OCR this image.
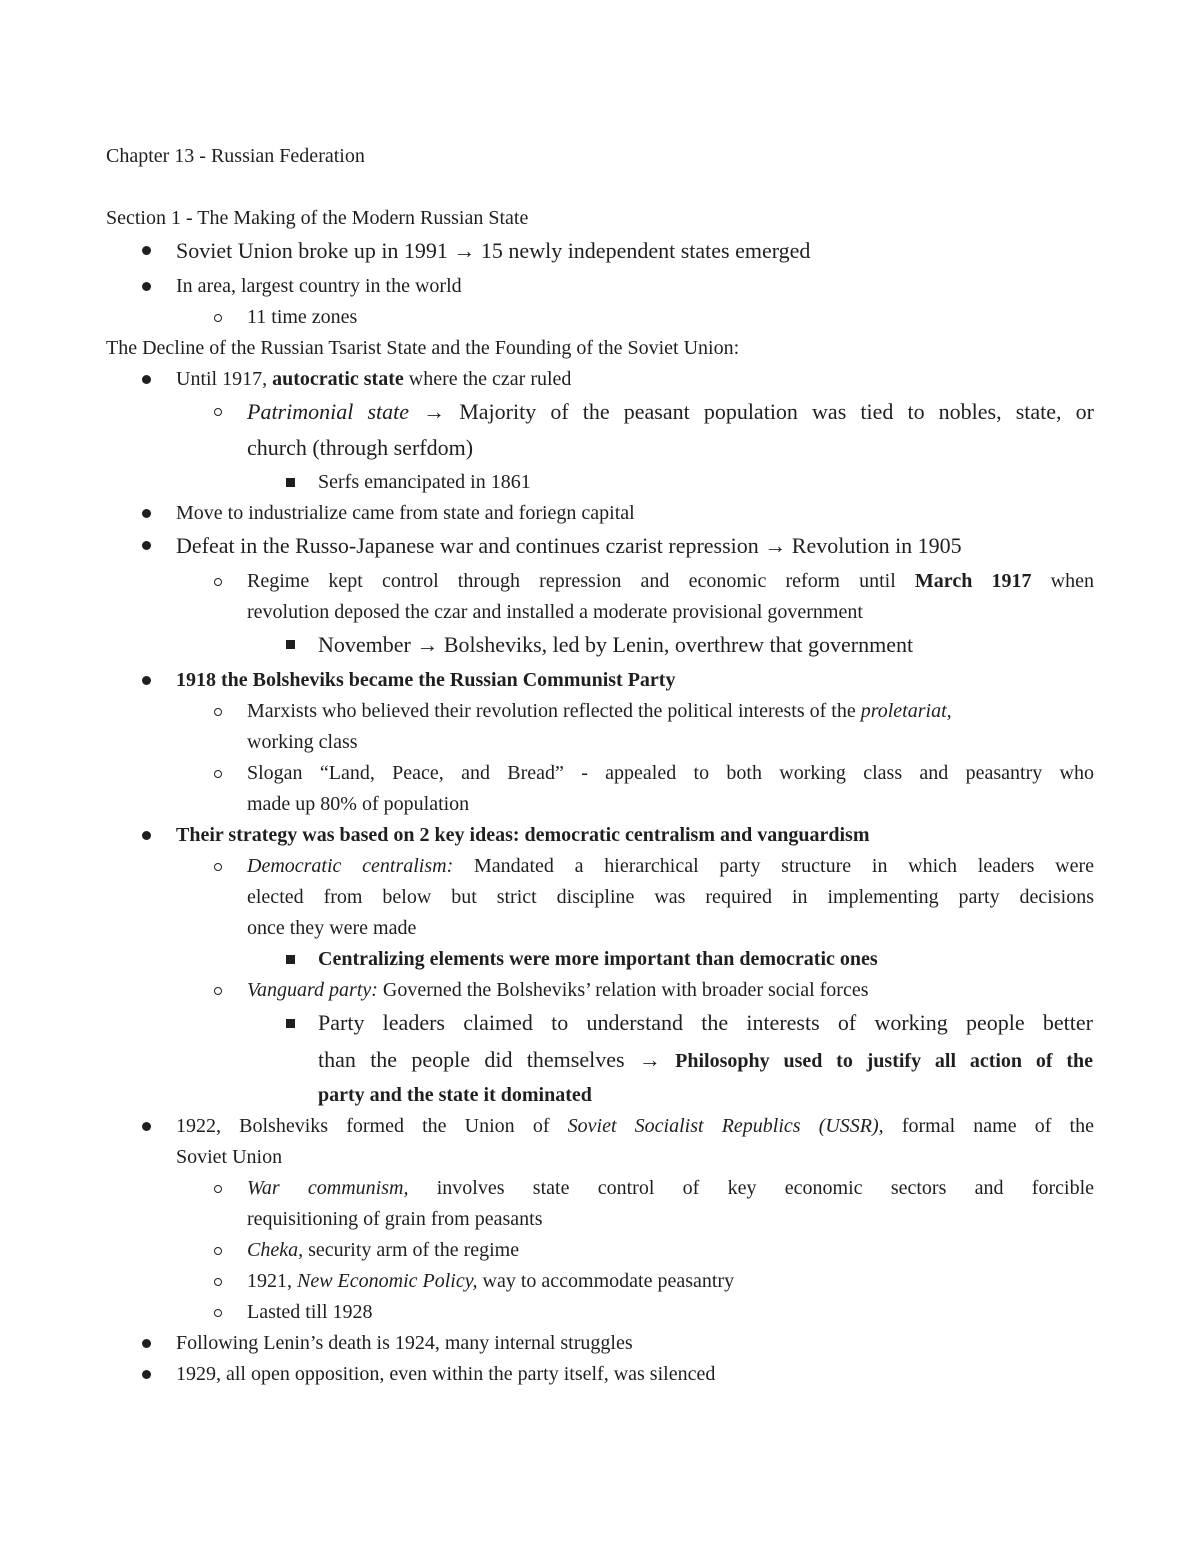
Chapter 13 - Russian Federation
Section 1 - The Making of the Modern Russian State
Soviet Union broke up in 1991 → 15 newly independent states emerged
In area, largest country in the world
11 time zones
The Decline of the Russian Tsarist State and the Founding of the Soviet Union:
Until 1917, autocratic state where the czar ruled
Patrimonial state → Majority of the peasant population was tied to nobles, state, or
church (through serfdom)
Serfs emancipated in 1861
Move to industrialize came from state and foriegn capital
Defeat in the Russo-Japanese war and continues czarist repression → Revolution in 1905
Regime kept control through repression and economic reform until March 1917 when
revolution deposed the czar and installed a moderate provisional government
November → Bolsheviks, led by Lenin, overthrew that government
1918 the Bolsheviks became the Russian Communist Party
Marxists who believed their revolution reflected the political interests of the proletariat,
working class
Slogan “Land, Peace, and Bread” - appealed to both working class and peasantry who
made up 80% of population
Their strategy was based on 2 key ideas: democratic centralism and vanguardism
Democratic centralism: Mandated a hierarchical party structure in which leaders were
elected from below but strict discipline was required in implementing party decisions
once they were made
Centralizing elements were more important than democratic ones
Vanguard party: Governed the Bolsheviks’ relation with broader social forces
Party leaders claimed to understand the interests of working people better
than the people did themselves → Philosophy used to justify all action of the
party and the state it dominated
1922, Bolsheviks formed the Union of Soviet Socialist Republics (USSR), formal name of the
Soviet Union
War communism, involves state control of key economic sectors and forcible
requisitioning of grain from peasants
Cheka, security arm of the regime
1921, New Economic Policy, way to accommodate peasantry
Lasted till 1928
Following Lenin’s death is 1924, many internal struggles
1929, all open opposition, even within the party itself, was silenced
